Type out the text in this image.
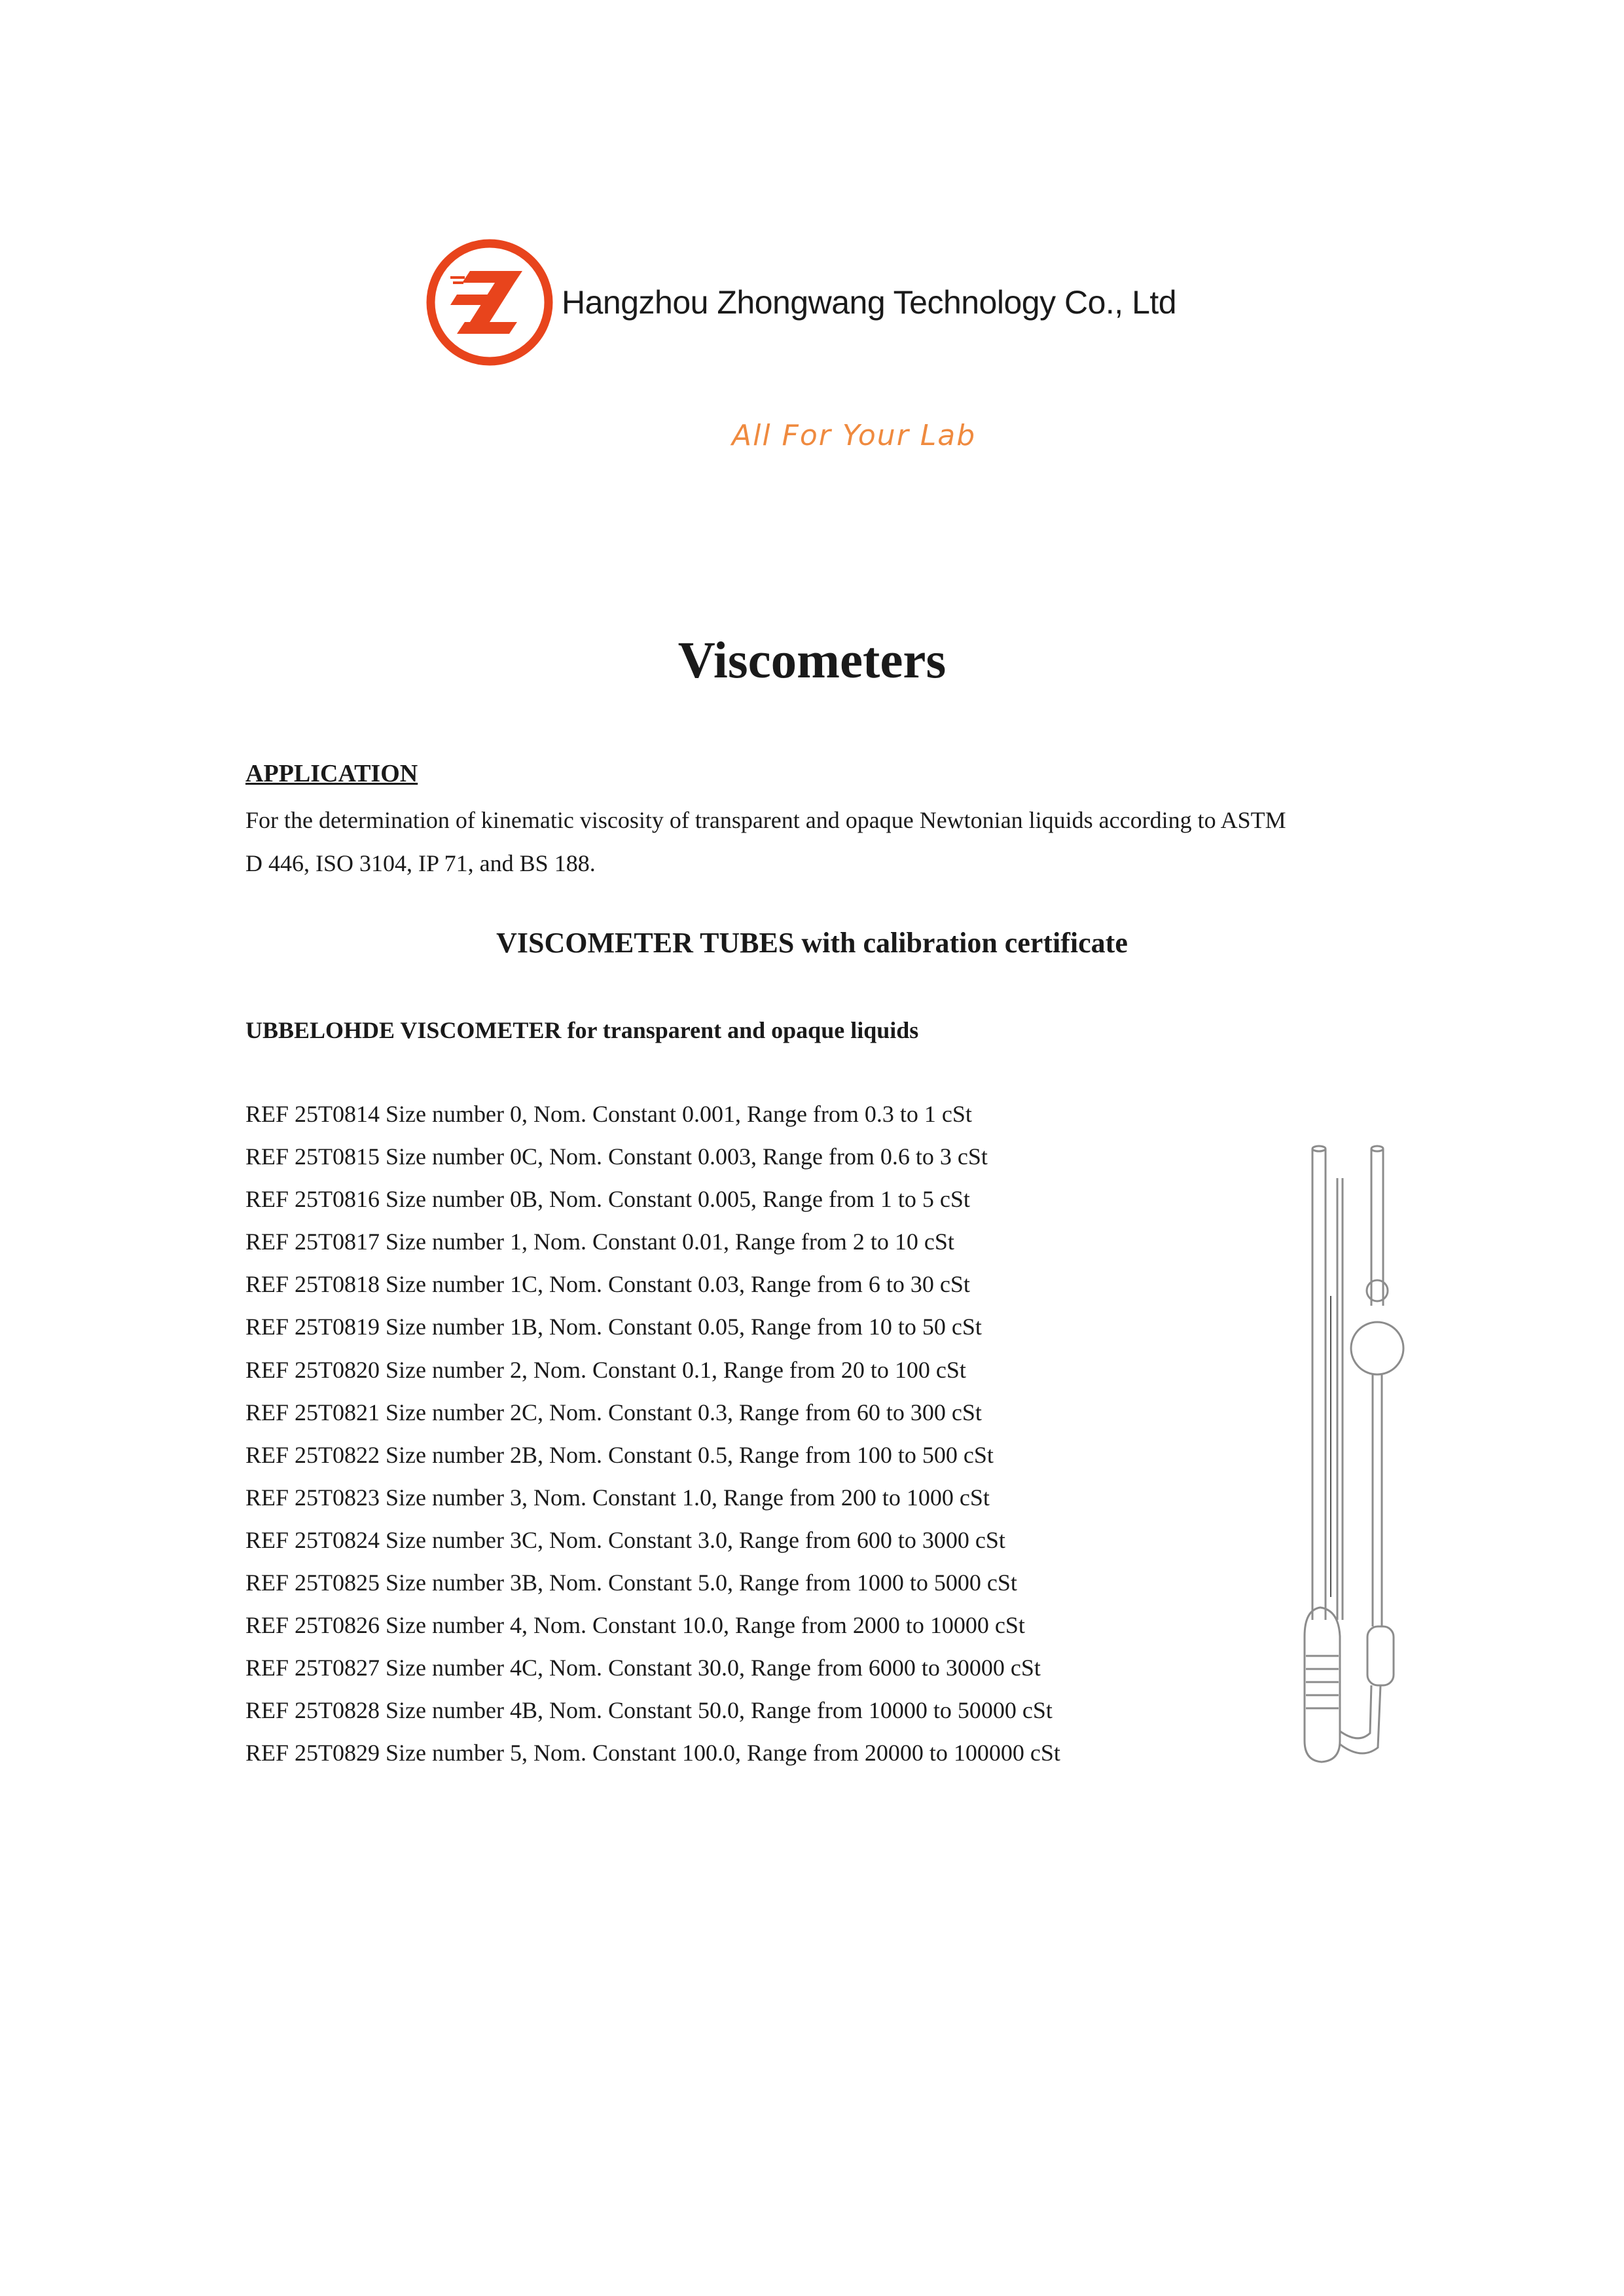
Hangzhou Zhongwang Technology Co., Ltd
All For Your Lab
Viscometers
APPLICATION
For the determination of kinematic viscosity of transparent and opaque Newtonian liquids according to ASTM
D 446, ISO 3104, IP 71, and BS 188.
VISCOMETER TUBES with calibration certificate
UBBELOHDE VISCOMETER for transparent and opaque liquids
REF 25T0814 Size number 0, Nom. Constant 0.001, Range from 0.3 to 1 cSt
REF 25T0815 Size number 0C, Nom. Constant 0.003, Range from 0.6 to 3 cSt
REF 25T0816 Size number 0B, Nom. Constant 0.005, Range from 1 to 5 cSt
REF 25T0817 Size number 1, Nom. Constant 0.01, Range from 2 to 10 cSt
REF 25T0818 Size number 1C, Nom. Constant 0.03, Range from 6 to 30 cSt
REF 25T0819 Size number 1B, Nom. Constant 0.05, Range from 10 to 50 cSt
REF 25T0820 Size number 2, Nom. Constant 0.1, Range from 20 to 100 cSt
REF 25T0821 Size number 2C, Nom. Constant 0.3, Range from 60 to 300 cSt
REF 25T0822 Size number 2B, Nom. Constant 0.5, Range from 100 to 500 cSt
REF 25T0823 Size number 3, Nom. Constant 1.0, Range from 200 to 1000 cSt
REF 25T0824 Size number 3C, Nom. Constant 3.0, Range from 600 to 3000 cSt
REF 25T0825 Size number 3B, Nom. Constant 5.0, Range from 1000 to 5000 cSt
REF 25T0826 Size number 4, Nom. Constant 10.0, Range from 2000 to 10000 cSt
REF 25T0827 Size number 4C, Nom. Constant 30.0, Range from 6000 to 30000 cSt
REF 25T0828 Size number 4B, Nom. Constant 50.0, Range from 10000 to 50000 cSt
REF 25T0829 Size number 5, Nom. Constant 100.0, Range from 20000 to 100000 cSt
